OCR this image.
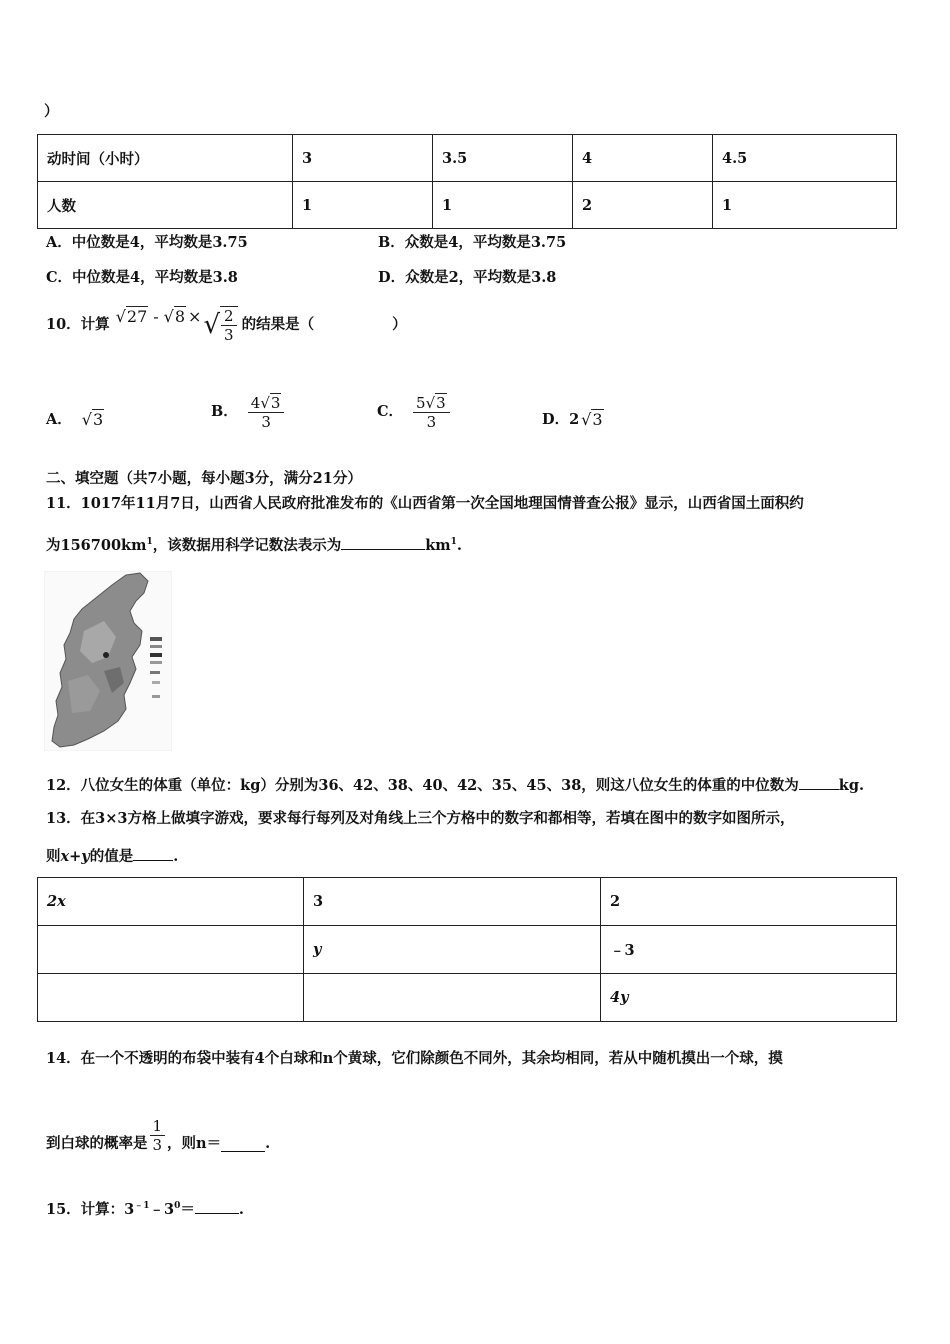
）
动时间（小时）	3	3.5	4	4.5
人数	1	1	2	1
A．中位数是4，平均数是3.75	B．众数是4，平均数是3.75
C．中位数是4，平均数是3.8	D．众数是2，平均数是3.8
10．计算 √27 - √8 × √ $\frac{2}{3}$ 的结果是（	）
A． √3	B． $\frac{4√3}{3}$	C． $\frac{5√3}{3}$	D．2 √3
二、填空题（共7小题，每小题3分，满分21分）
11．1017年11月7日，山西省人民政府批准发布的《山西省第一次全国地理国情普查公报》显示，山西省国土面积约
为$156700km^1$，该数据用科学记数法表示为	$km^1$.
12．八位女生的体重（单位：kg）分别为36、42、38、40、42、35、45、38，则这八位女生的体重的中位数为	kg.
13．在3×3方格上做填字游戏，要求每行每列及对角线上三个方格中的数字和都相等，若填在图中的数字如图所示，
则x+y的值是	.
2x	3	2
	y	﹣3
		4y
14．在一个不透明的布袋中装有4个白球和n个黄球，它们除颜色不同外，其余均相同，若从中随机摸出一个球，摸
到白球的概率是 $\frac{1}{3}$ ，则n＝	.
15．计算：$3^{﹣1}﹣3^0=$	.
